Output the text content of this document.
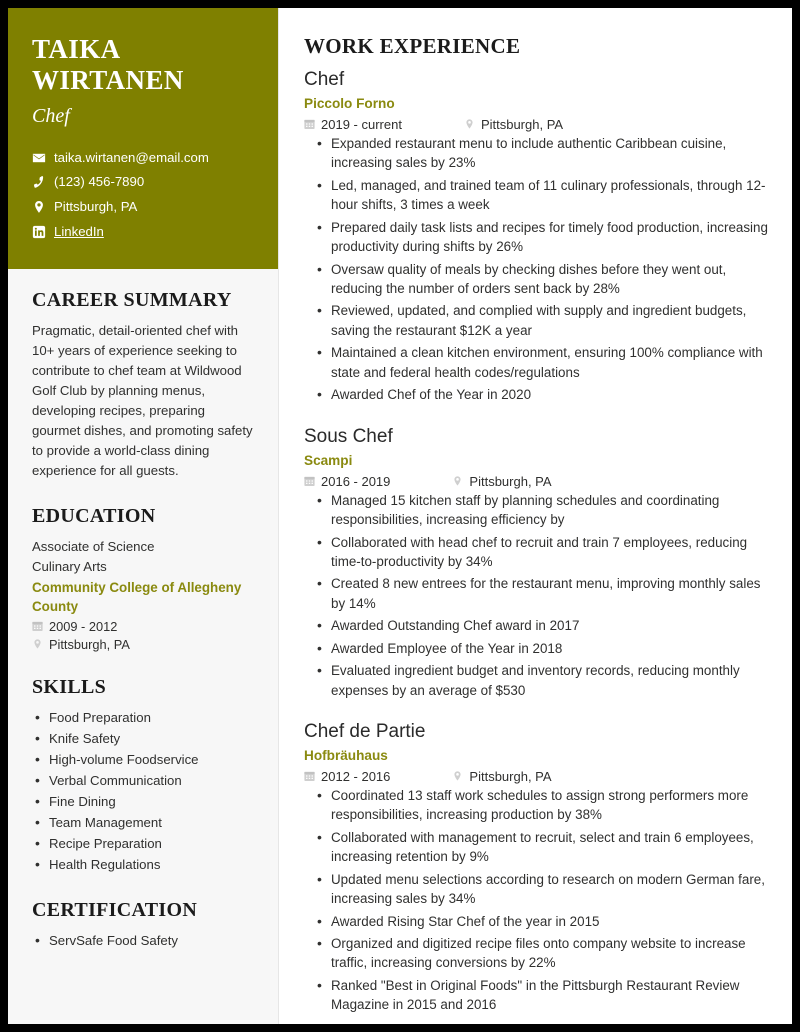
TAIKA WIRTANEN
Chef
taika.wirtanen@email.com
(123) 456-7890
Pittsburgh, PA
LinkedIn
CAREER SUMMARY

Pragmatic, detail-oriented chef with 10+ years of experience seeking to contribute to chef team at Wildwood Golf Club by planning menus, developing recipes, preparing gourmet dishes, and promoting safety to provide a world-class dining experience for all guests.

EDUCATION
Associate of Science
Culinary Arts
Community College of Allegheny County
2009 - 2012
Pittsburgh, PA
SKILLS
• Food Preparation
• Knife Safety
• High-volume Foodservice
• Verbal Communication
• Fine Dining
• Team Management
• Recipe Preparation
• Health Regulations
CERTIFICATION
• ServSafe Food Safety
WORK EXPERIENCE
Chef
Piccolo Forno
2019 - current	Pittsburgh, PA
• Expanded restaurant menu to include authentic Caribbean cuisine, increasing sales by 23%
• Led, managed, and trained team of 11 culinary professionals, through 12-hour shifts, 3 times a week
• Prepared daily task lists and recipes for timely food production, increasing productivity during shifts by 26%
• Oversaw quality of meals by checking dishes before they went out, reducing the number of orders sent back by 28%
• Reviewed, updated, and complied with supply and ingredient budgets, saving the restaurant $12K a year
• Maintained a clean kitchen environment, ensuring 100% compliance with state and federal health codes/regulations
• Awarded Chef of the Year in 2020
Sous Chef
Scampi
2016 - 2019	Pittsburgh, PA
• Managed 15 kitchen staff by planning schedules and coordinating responsibilities, increasing efficiency by
• Collaborated with head chef to recruit and train 7 employees, reducing time-to-productivity by 34%
• Created 8 new entrees for the restaurant menu, improving monthly sales by 14%
• Awarded Outstanding Chef award in 2017
• Awarded Employee of the Year in 2018
• Evaluated ingredient budget and inventory records, reducing monthly expenses by an average of $530
Chef de Partie
Hofbräuhaus
2012 - 2016	Pittsburgh, PA
• Coordinated 13 staff work schedules to assign strong performers more responsibilities, increasing production by 38%
• Collaborated with management to recruit, select and train 6 employees, increasing retention by 9%
• Updated menu selections according to research on modern German fare, increasing sales by 34%
• Awarded Rising Star Chef of the year in 2015
• Organized and digitized recipe files onto company website to increase traffic, increasing conversions by 22%
• Ranked "Best in Original Foods" in the Pittsburgh Restaurant Review Magazine in 2015 and 2016
